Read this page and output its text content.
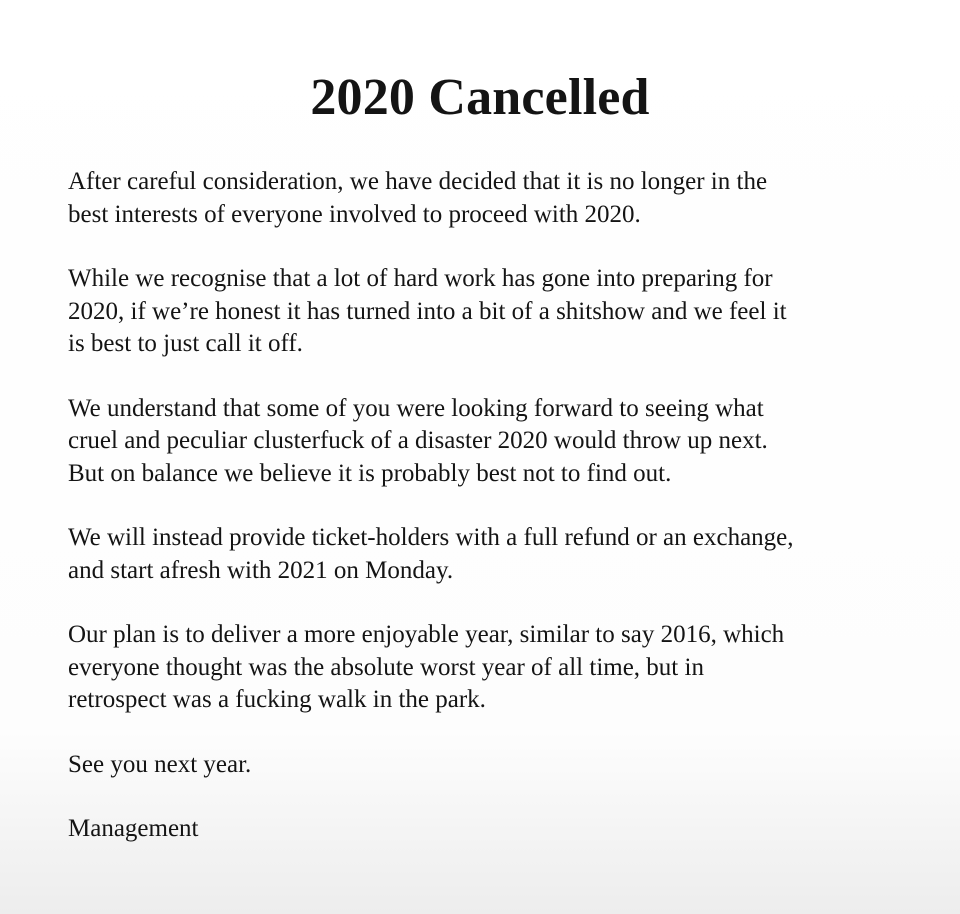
2020 Cancelled

After careful consideration, we have decided that it is no longer in the
best interests of everyone involved to proceed with 2020.

While we recognise that a lot of hard work has gone into preparing for
2020, if we’re honest it has turned into a bit of a shitshow and we feel it
is best to just call it off.

We understand that some of you were looking forward to seeing what
cruel and peculiar clusterfuck of a disaster 2020 would throw up next.
But on balance we believe it is probably best not to find out.

We will instead provide ticket-holders with a full refund or an exchange,
and start afresh with 2021 on Monday.

Our plan is to deliver a more enjoyable year, similar to say 2016, which
everyone thought was the absolute worst year of all time, but in
retrospect was a fucking walk in the park.

See you next year.

Management
